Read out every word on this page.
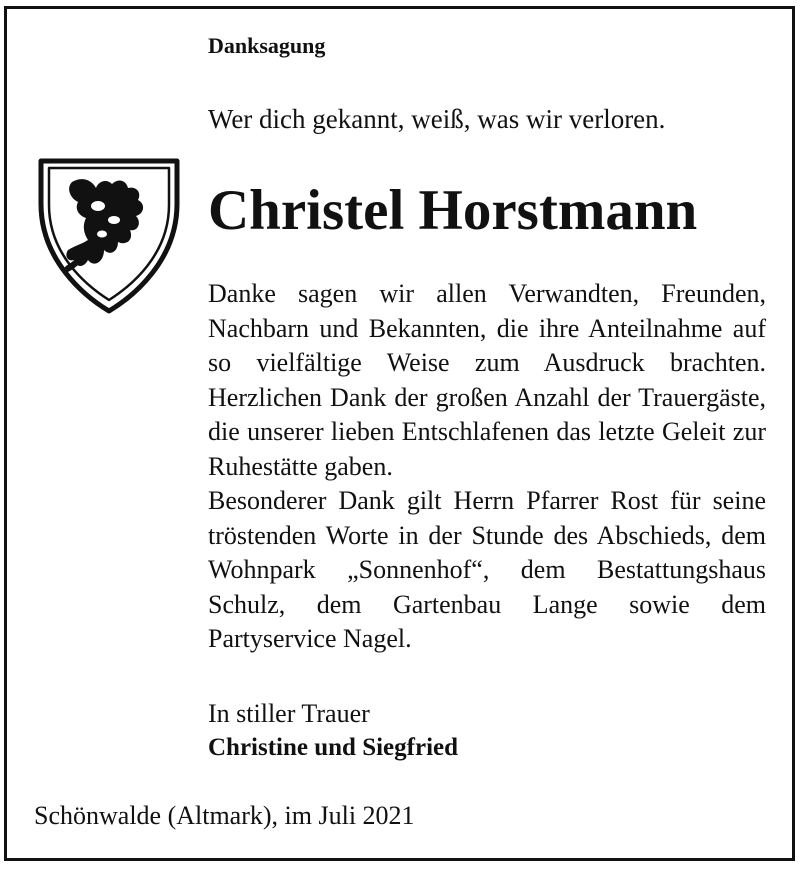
Danksagung

Wer dich gekannt, weiß, was wir verloren.

Christel Horstmann

Danke sagen wir allen Verwandten, Freunden, Nachbarn und Bekannten, die ihre Anteilnahme auf so vielfältige Weise zum Ausdruck brachten. Herzlichen Dank der großen Anzahl der Trauergäste, die unserer lieben Entschlafenen das letzte Geleit zur Ruhestätte gaben.

Besonderer Dank gilt Herrn Pfarrer Rost für seine tröstenden Worte in der Stunde des Abschieds, dem Wohnpark „Sonnenhof“, dem Bestattungshaus Schulz, dem Gartenbau Lange sowie dem Partyservice Nagel.

In stiller Trauer
Christine und Siegfried

Schönwalde (Altmark), im Juli 2021
